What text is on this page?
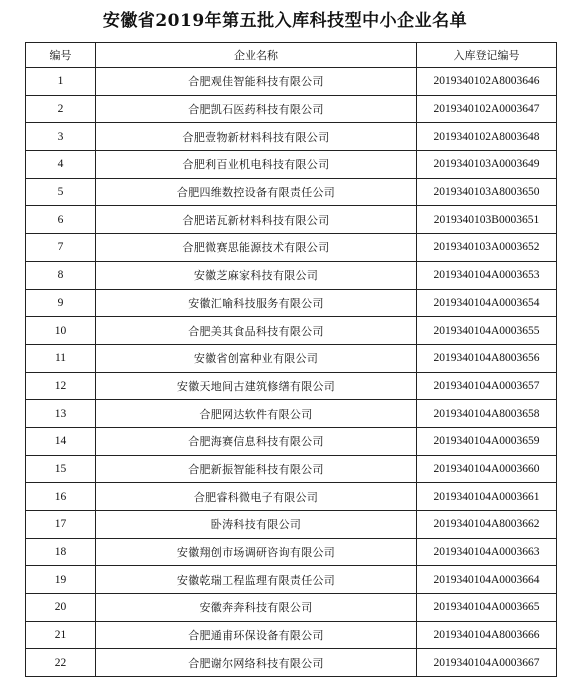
安徽省2019年第五批入库科技型中小企业名单
编号	企业名称	入库登记编号
1	合肥观佳智能科技有限公司	2019340102A8003646
2	合肥凯石医药科技有限公司	2019340102A0003647
3	合肥壹物新材料科技有限公司	2019340102A8003648
4	合肥利百业机电科技有限公司	2019340103A0003649
5	合肥四维数控设备有限责任公司	2019340103A8003650
6	合肥诺瓦新材料科技有限公司	2019340103B0003651
7	合肥微赛思能源技术有限公司	2019340103A0003652
8	安徽芝麻家科技有限公司	2019340104A0003653
9	安徽汇喻科技服务有限公司	2019340104A0003654
10	合肥美其食品科技有限公司	2019340104A0003655
11	安徽省创富种业有限公司	2019340104A8003656
12	安徽天地间古建筑修缮有限公司	2019340104A0003657
13	合肥网达软件有限公司	2019340104A8003658
14	合肥海赛信息科技有限公司	2019340104A0003659
15	合肥新振智能科技有限公司	2019340104A0003660
16	合肥睿科微电子有限公司	2019340104A0003661
17	卧涛科技有限公司	2019340104A8003662
18	安徽翔创市场调研咨询有限公司	2019340104A0003663
19	安徽乾瑞工程监理有限责任公司	2019340104A0003664
20	安徽奔奔科技有限公司	2019340104A0003665
21	合肥通甫环保设备有限公司	2019340104A8003666
22	合肥谢尔网络科技有限公司	2019340104A0003667
